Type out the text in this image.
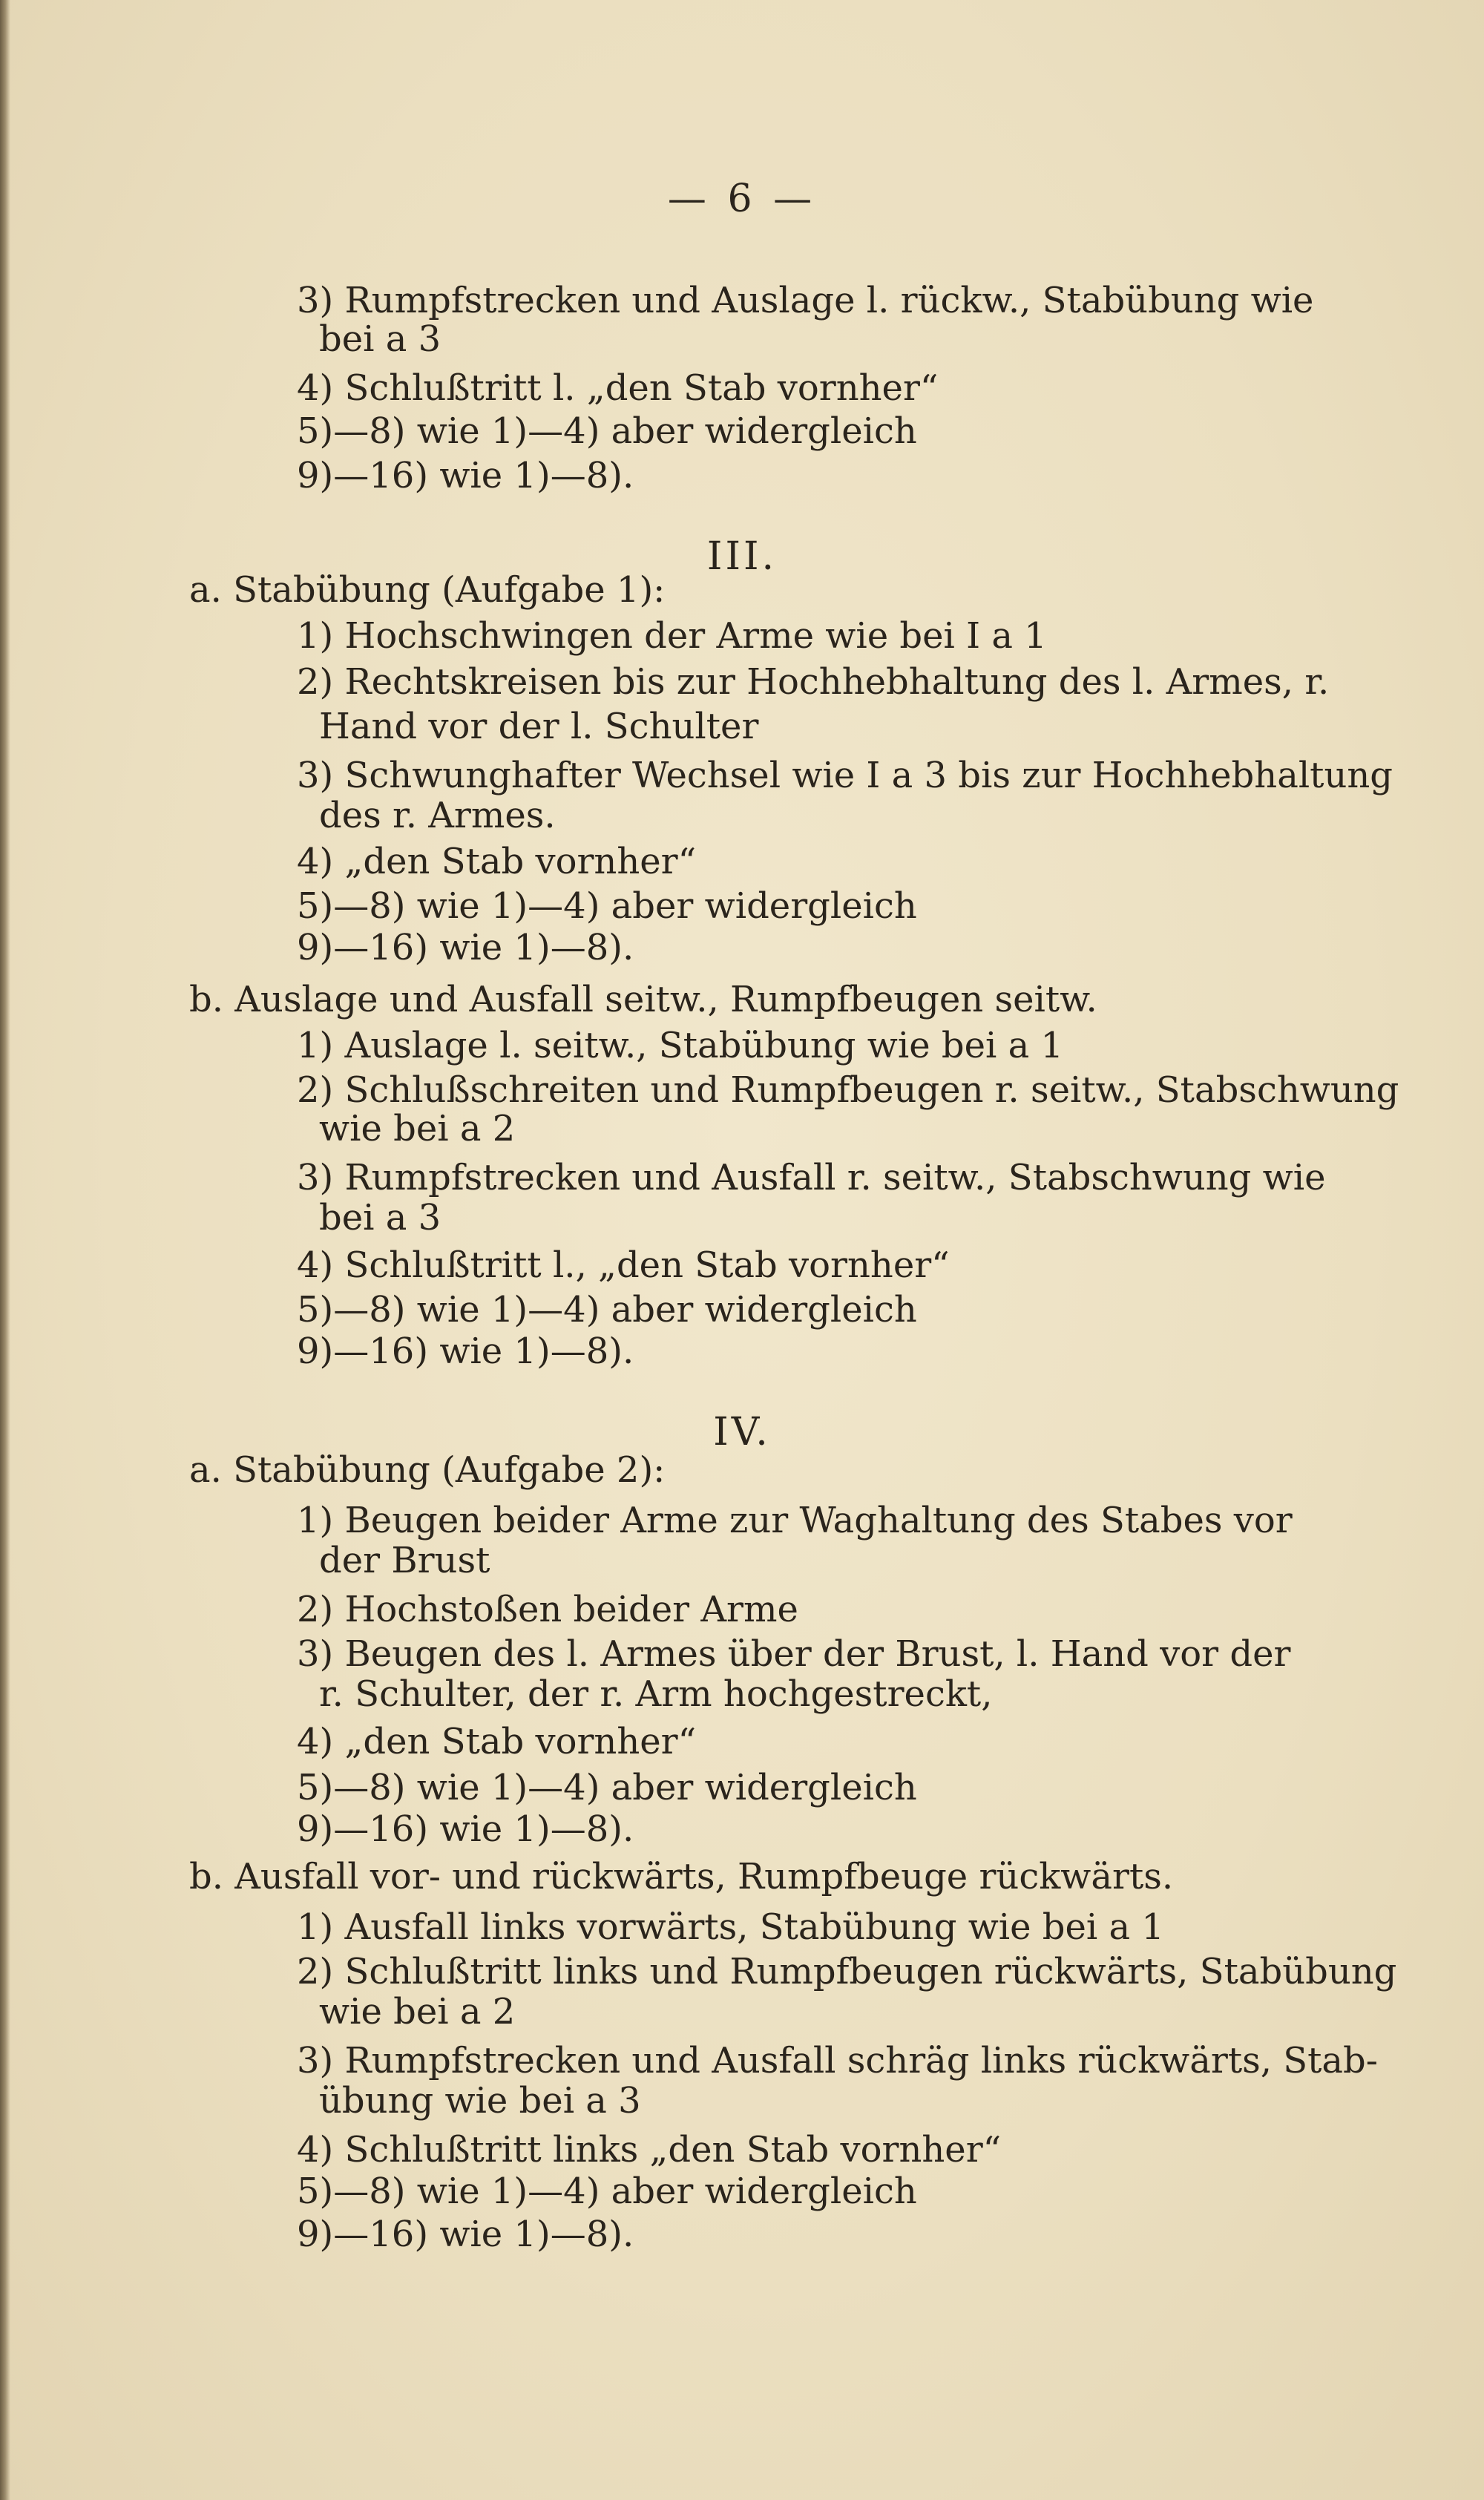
— 6 —
3) Rumpfstrecken und Auslage l. rückw., Stabübung wie
bei a 3
4) Schlußtritt l. „den Stab vornher“
5)—8) wie 1)—4) aber widergleich
9)—16) wie 1)—8).
III.
a. Stabübung (Aufgabe 1):
1) Hochschwingen der Arme wie bei I a 1
2) Rechtskreisen bis zur Hochhebhaltung des l. Armes, r.
Hand vor der l. Schulter
3) Schwunghafter Wechsel wie I a 3 bis zur Hochhebhaltung
des r. Armes.
4) „den Stab vornher“
5)—8) wie 1)—4) aber widergleich
9)—16) wie 1)—8).
b. Auslage und Ausfall seitw., Rumpfbeugen seitw.
1) Auslage l. seitw., Stabübung wie bei a 1
2) Schlußschreiten und Rumpfbeugen r. seitw., Stabschwung
wie bei a 2
3) Rumpfstrecken und Ausfall r. seitw., Stabschwung wie
bei a 3
4) Schlußtritt l., „den Stab vornher“
5)—8) wie 1)—4) aber widergleich
9)—16) wie 1)—8).
IV.
a. Stabübung (Aufgabe 2):
1) Beugen beider Arme zur Waghaltung des Stabes vor
der Brust
2) Hochstoßen beider Arme
3) Beugen des l. Armes über der Brust, l. Hand vor der
r. Schulter, der r. Arm hochgestreckt,
4) „den Stab vornher“
5)—8) wie 1)—4) aber widergleich
9)—16) wie 1)—8).
b. Ausfall vor- und rückwärts, Rumpfbeuge rückwärts.
1) Ausfall links vorwärts, Stabübung wie bei a 1
2) Schlußtritt links und Rumpfbeugen rückwärts, Stabübung
wie bei a 2
3) Rumpfstrecken und Ausfall schräg links rückwärts, Stab-
übung wie bei a 3
4) Schlußtritt links „den Stab vornher“
5)—8) wie 1)—4) aber widergleich
9)—16) wie 1)—8).
